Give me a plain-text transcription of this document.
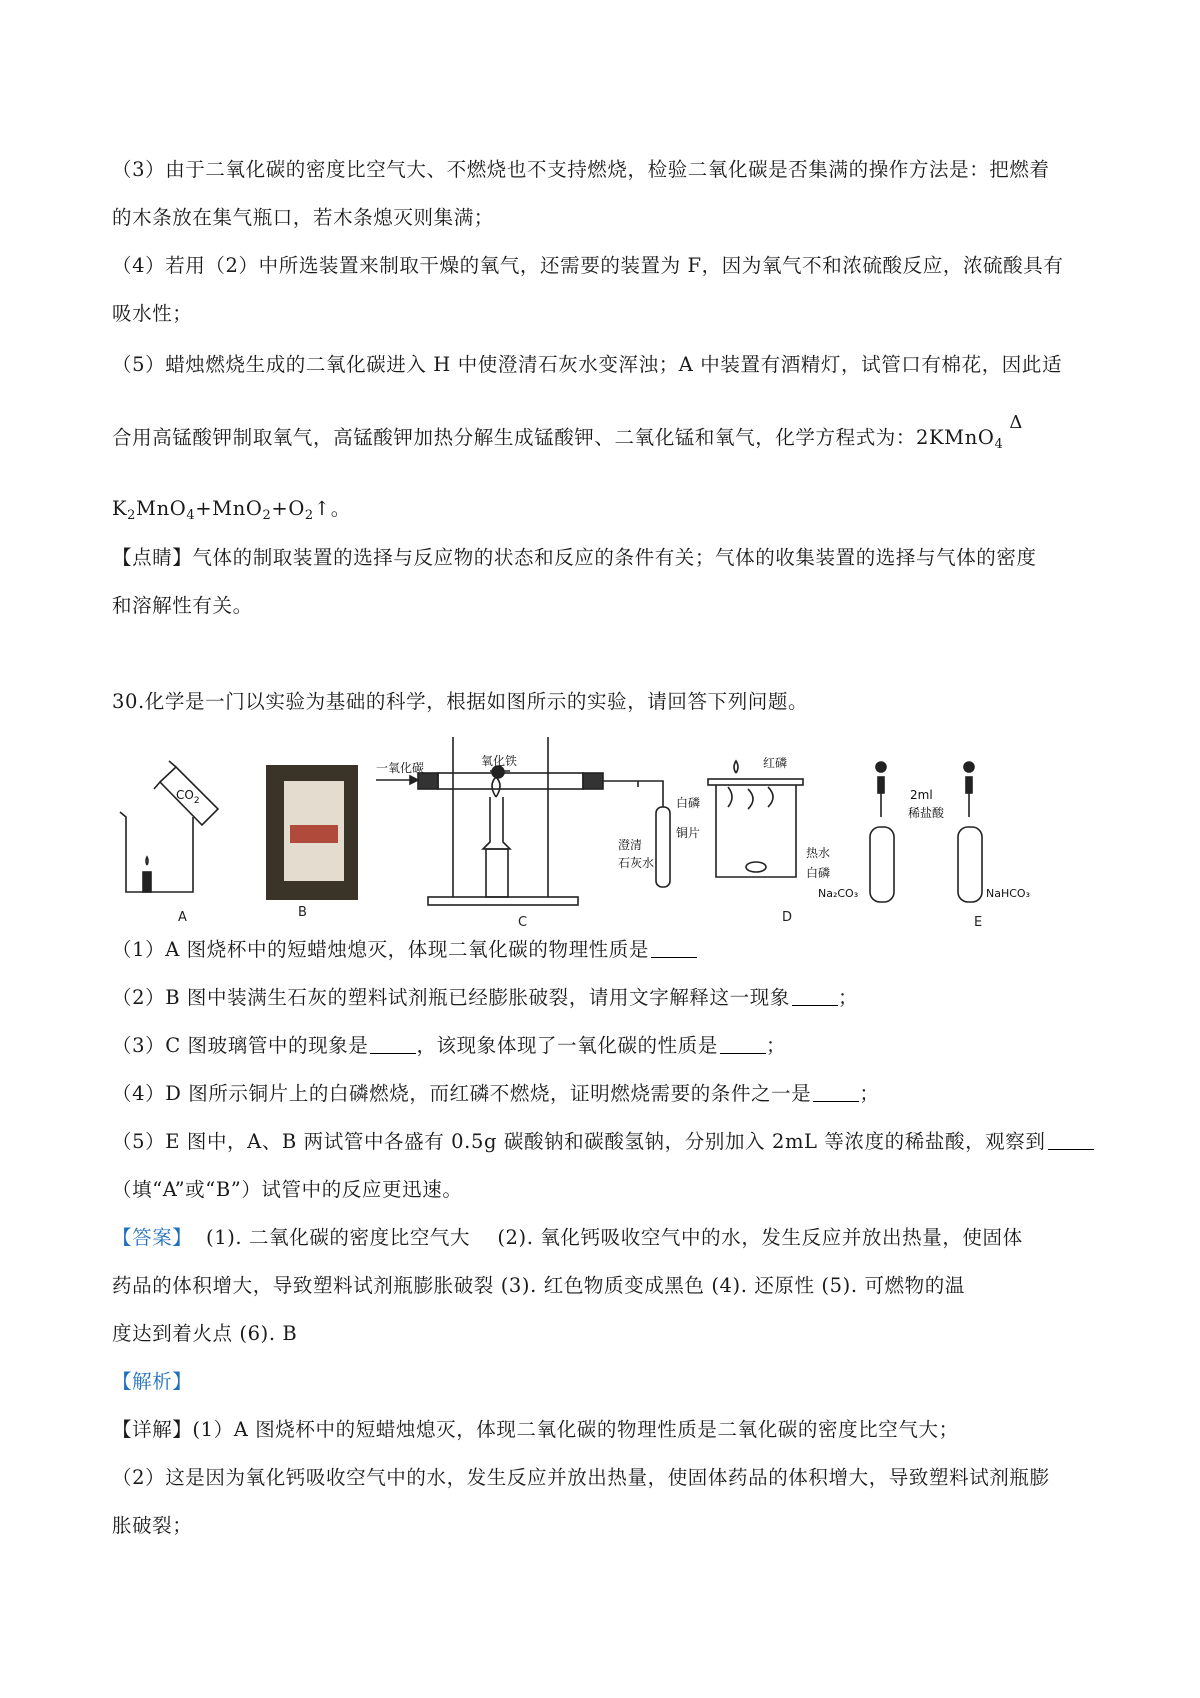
（3）由于二氧化碳的密度比空气大、不燃烧也不支持燃烧，检验二氧化碳是否集满的操作方法是：把燃着
的木条放在集气瓶口，若木条熄灭则集满；
（4）若用（2）中所选装置来制取干燥的氧气，还需要的装置为 F，因为氧气不和浓硫酸反应，浓硫酸具有
吸水性；
（5）蜡烛燃烧生成的二氧化碳进入 H 中使澄清石灰水变浑浊；A 中装置有酒精灯，试管口有棉花，因此适
合用高锰酸钾制取氧气，高锰酸钾加热分解生成锰酸钾、二氧化锰和氧气，化学方程式为：2KMnO$_4$Δ
$K_2MnO_4+MnO_2+O_2↑$。
【点睛】气体的制取装置的选择与反应物的状态和反应的条件有关；气体的收集装置的选择与气体的密度
和溶解性有关。
30.化学是一门以实验为基础的科学，根据如图所示的实验，请回答下列问题。
$CO_2$
一氧化碳	氧化铁
澄清
石灰水
红磷
白磷
铜片
热水
白磷
2ml
稀盐酸
Na₂CO₃	NaHCO₃
A	B
C	D	E
（1）A 图烧杯中的短蜡烛熄灭，体现二氧化碳的物理性质是
（2）B 图中装满生石灰的塑料试剂瓶已经膨胀破裂，请用文字解释这一现象 ；
（3）C 图玻璃管中的现象是 ，该现象体现了一氧化碳的性质是 ；
（4）D 图所示铜片上的白磷燃烧，而红磷不燃烧，证明燃烧需要的条件之一是 ；
（5）E 图中，A、B 两试管中各盛有 0.5g 碳酸钠和碳酸氢钠，分别加入 2mL 等浓度的稀盐酸，观察到
（填“A”或“B”）试管中的反应更迅速。
【答案】  (1). 二氧化碳的密度比空气大    (2). 氧化钙吸收空气中的水，发生反应并放出热量，使固体
药品的体积增大，导致塑料试剂瓶膨胀破裂 (3). 红色物质变成黑色 (4). 还原性 (5). 可燃物的温
度达到着火点 (6). B
【解析】
【详解】(1）A 图烧杯中的短蜡烛熄灭，体现二氧化碳的物理性质是二氧化碳的密度比空气大；
（2）这是因为氧化钙吸收空气中的水，发生反应并放出热量，使固体药品的体积增大，导致塑料试剂瓶膨
胀破裂；
